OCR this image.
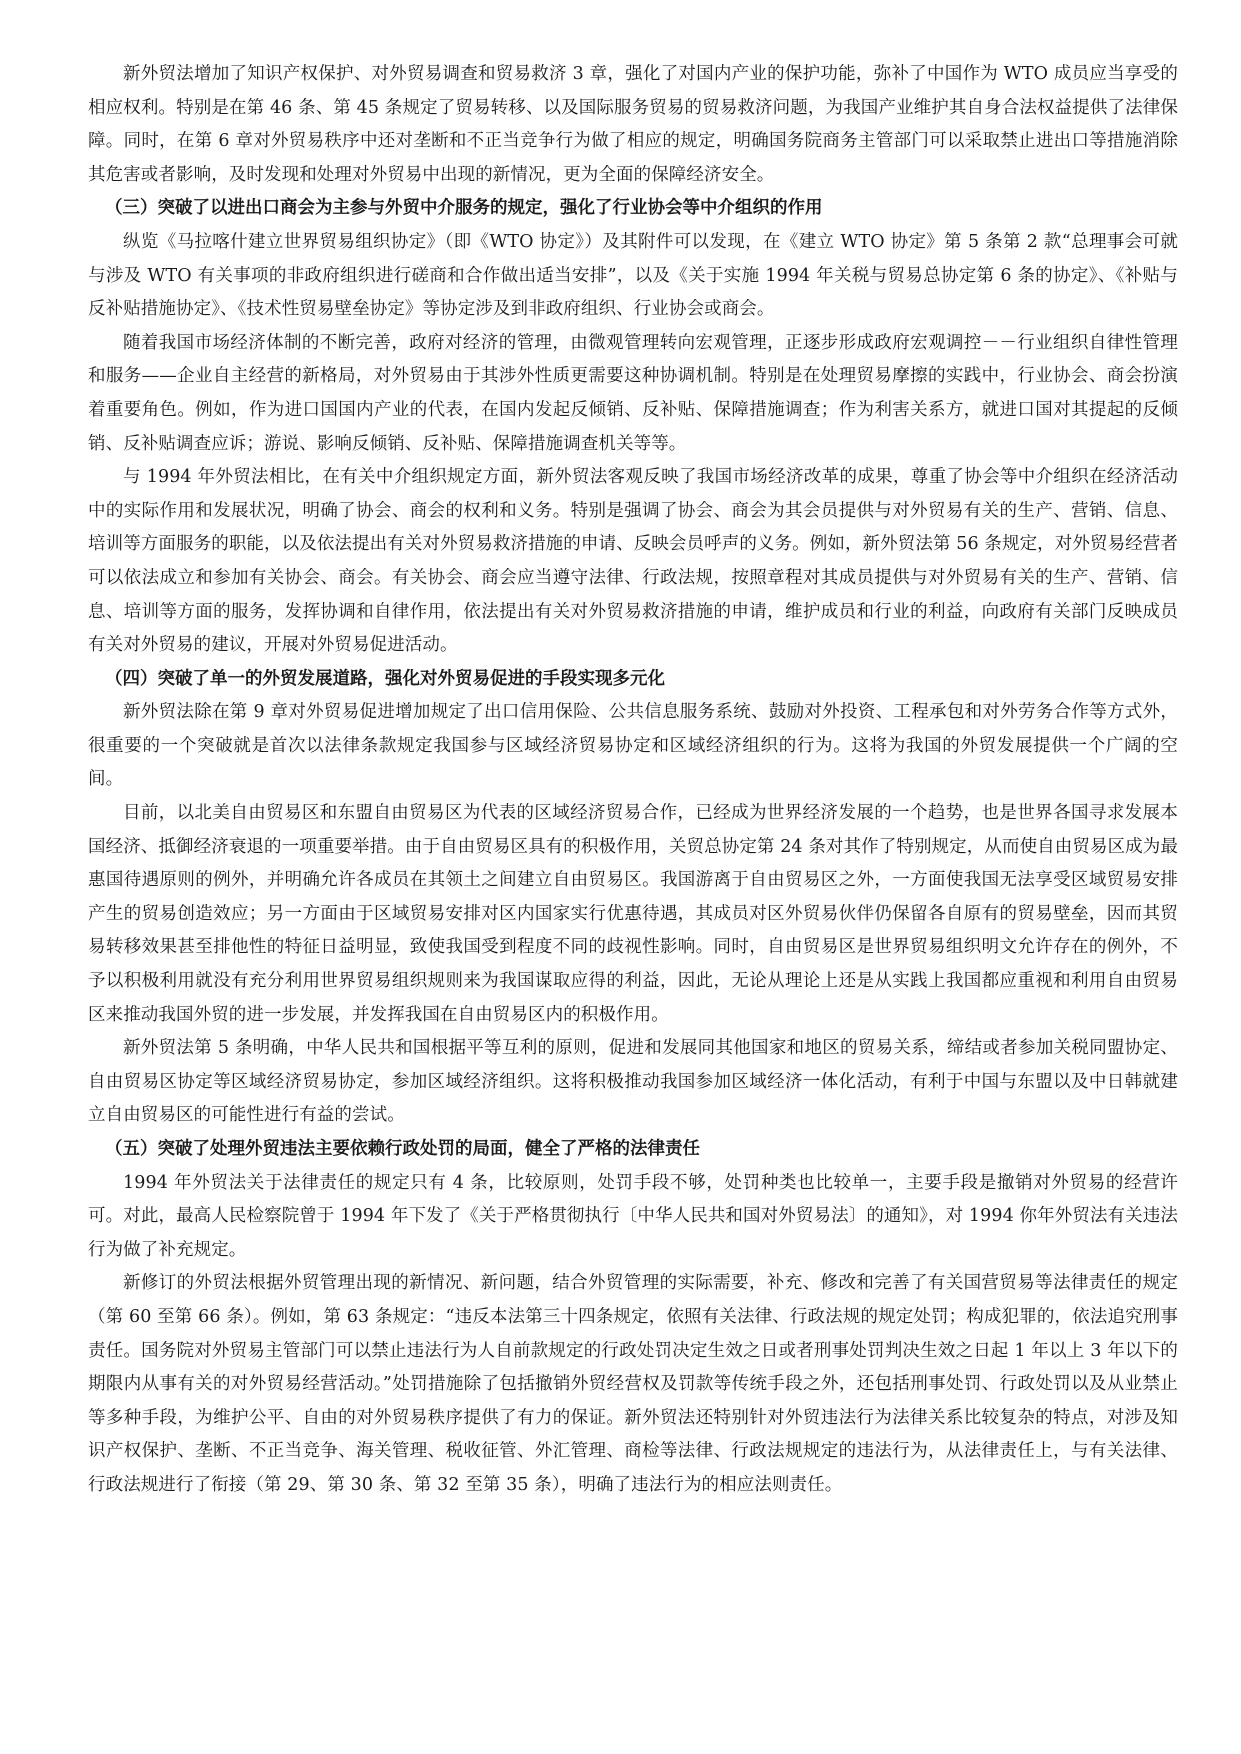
新外贸法增加了知识产权保护、对外贸易调查和贸易救济 3 章，强化了对国内产业的保护功能，弥补了中国作为 WTO 成员应当享受的相应权利。特别是在第 46 条、第 45 条规定了贸易转移、以及国际服务贸易的贸易救济问题，为我国产业维护其自身合法权益提供了法律保障。同时，在第 6 章对外贸易秩序中还对垄断和不正当竞争行为做了相应的规定，明确国务院商务主管部门可以采取禁止进出口等措施消除其危害或者影响，及时发现和处理对外贸易中出现的新情况，更为全面的保障经济安全。

（三）突破了以进出口商会为主参与外贸中介服务的规定，强化了行业协会等中介组织的作用

纵览《马拉喀什建立世界贸易组织协定》（即《WTO 协定》）及其附件可以发现，在《建立 WTO 协定》第 5 条第 2 款“总理事会可就与涉及 WTO 有关事项的非政府组织进行磋商和合作做出适当安排”，以及《关于实施 1994 年关税与贸易总协定第 6 条的协定》、《补贴与反补贴措施协定》、《技术性贸易壁垒协定》等协定涉及到非政府组织、行业协会或商会。

随着我国市场经济体制的不断完善，政府对经济的管理，由微观管理转向宏观管理，正逐步形成政府宏观调控－－行业组织自律性管理和服务——企业自主经营的新格局，对外贸易由于其涉外性质更需要这种协调机制。特别是在处理贸易摩擦的实践中，行业协会、商会扮演着重要角色。例如，作为进口国国内产业的代表，在国内发起反倾销、反补贴、保障措施调查；作为利害关系方，就进口国对其提起的反倾销、反补贴调查应诉；游说、影响反倾销、反补贴、保障措施调查机关等等。

与 1994 年外贸法相比，在有关中介组织规定方面，新外贸法客观反映了我国市场经济改革的成果，尊重了协会等中介组织在经济活动中的实际作用和发展状况，明确了协会、商会的权利和义务。特别是强调了协会、商会为其会员提供与对外贸易有关的生产、营销、信息、培训等方面服务的职能，以及依法提出有关对外贸易救济措施的申请、反映会员呼声的义务。例如，新外贸法第 56 条规定，对外贸易经营者可以依法成立和参加有关协会、商会。有关协会、商会应当遵守法律、行政法规，按照章程对其成员提供与对外贸易有关的生产、营销、信息、培训等方面的服务，发挥协调和自律作用，依法提出有关对外贸易救济措施的申请，维护成员和行业的利益，向政府有关部门反映成员有关对外贸易的建议，开展对外贸易促进活动。

（四）突破了单一的外贸发展道路，强化对外贸易促进的手段实现多元化

新外贸法除在第 9 章对外贸易促进增加规定了出口信用保险、公共信息服务系统、鼓励对外投资、工程承包和对外劳务合作等方式外，很重要的一个突破就是首次以法律条款规定我国参与区域经济贸易协定和区域经济组织的行为。这将为我国的外贸发展提供一个广阔的空间。

目前，以北美自由贸易区和东盟自由贸易区为代表的区域经济贸易合作，已经成为世界经济发展的一个趋势，也是世界各国寻求发展本国经济、抵御经济衰退的一项重要举措。由于自由贸易区具有的积极作用，关贸总协定第 24 条对其作了特别规定，从而使自由贸易区成为最惠国待遇原则的例外，并明确允许各成员在其领土之间建立自由贸易区。我国游离于自由贸易区之外，一方面使我国无法享受区域贸易安排产生的贸易创造效应；另一方面由于区域贸易安排对区内国家实行优惠待遇，其成员对区外贸易伙伴仍保留各自原有的贸易壁垒，因而其贸易转移效果甚至排他性的特征日益明显，致使我国受到程度不同的歧视性影响。同时，自由贸易区是世界贸易组织明文允许存在的例外，不予以积极利用就没有充分利用世界贸易组织规则来为我国谋取应得的利益，因此，无论从理论上还是从实践上我国都应重视和利用自由贸易区来推动我国外贸的进一步发展，并发挥我国在自由贸易区内的积极作用。

新外贸法第 5 条明确，中华人民共和国根据平等互利的原则，促进和发展同其他国家和地区的贸易关系，缔结或者参加关税同盟协定、自由贸易区协定等区域经济贸易协定，参加区域经济组织。这将积极推动我国参加区域经济一体化活动，有利于中国与东盟以及中日韩就建立自由贸易区的可能性进行有益的尝试。

（五）突破了处理外贸违法主要依赖行政处罚的局面，健全了严格的法律责任

1994 年外贸法关于法律责任的规定只有 4 条，比较原则，处罚手段不够，处罚种类也比较单一，主要手段是撤销对外贸易的经营许可。对此，最高人民检察院曾于 1994 年下发了《关于严格贯彻执行〔中华人民共和国对外贸易法〕的通知》，对 1994 你年外贸法有关违法行为做了补充规定。

新修订的外贸法根据外贸管理出现的新情况、新问题，结合外贸管理的实际需要，补充、修改和完善了有关国营贸易等法律责任的规定（第 60 至第 66 条）。例如，第 63 条规定：“违反本法第三十四条规定，依照有关法律、行政法规的规定处罚；构成犯罪的，依法追究刑事责任。国务院对外贸易主管部门可以禁止违法行为人自前款规定的行政处罚决定生效之日或者刑事处罚判决生效之日起 1 年以上 3 年以下的期限内从事有关的对外贸易经营活动。”处罚措施除了包括撤销外贸经营权及罚款等传统手段之外，还包括刑事处罚、行政处罚以及从业禁止等多种手段，为维护公平、自由的对外贸易秩序提供了有力的保证。新外贸法还特别针对外贸违法行为法律关系比较复杂的特点，对涉及知识产权保护、垄断、不正当竞争、海关管理、税收征管、外汇管理、商检等法律、行政法规规定的违法行为，从法律责任上，与有关法律、行政法规进行了衔接（第 29、第 30 条、第 32 至第 35 条），明确了违法行为的相应法则责任。
